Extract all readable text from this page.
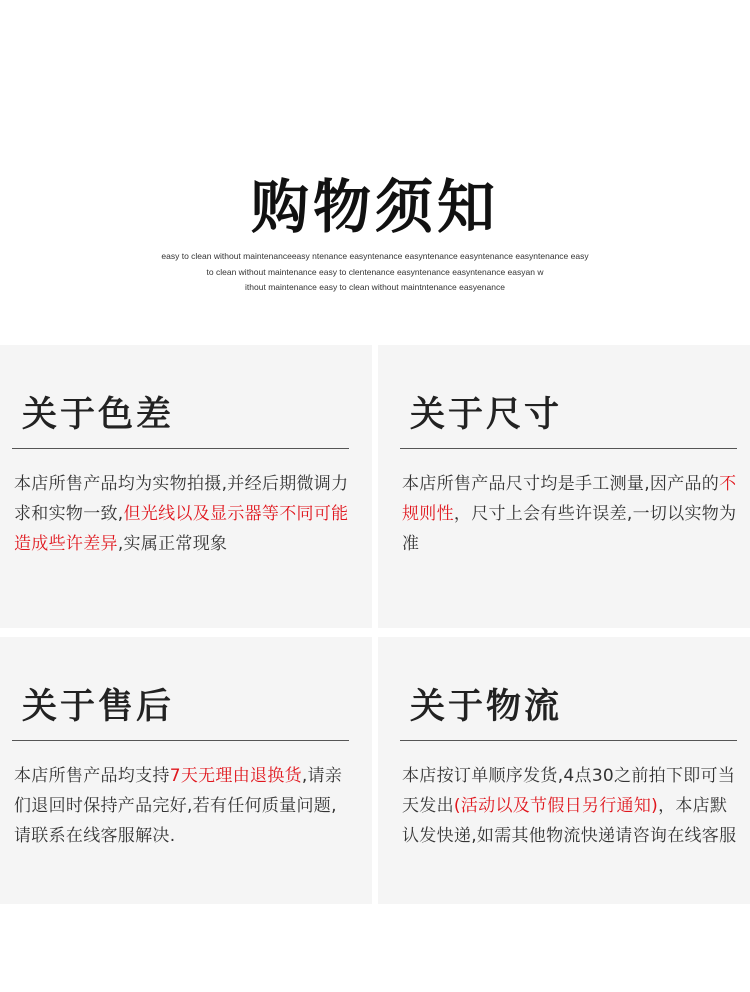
购物须知
easy to clean without maintenanceeasy ntenance easyntenance easyntenance easyntenance easyntenance easy
to clean without maintenance easy to clentenance easyntenance easyntenance easyan w
ithout maintenance easy to clean without maintntenance easyenance
关于色差
本店所售产品均为实物拍摄,并经后期微调力求和实物一致,但光线以及显示器等不同可能造成些许差异,实属正常现象
关于尺寸
本店所售产品尺寸均是手工测量,因产品的不规则性，尺寸上会有些许误差,一切以实物为准
关于售后
本店所售产品均支持7天无理由退换货,请亲们退回时保持产品完好,若有任何质量问题,请联系在线客服解决.
关于物流
本店按订单顺序发货,4点30之前拍下即可当天发出(活动以及节假日另行通知)，本店默认发快递,如需其他物流快递请咨询在线客服
